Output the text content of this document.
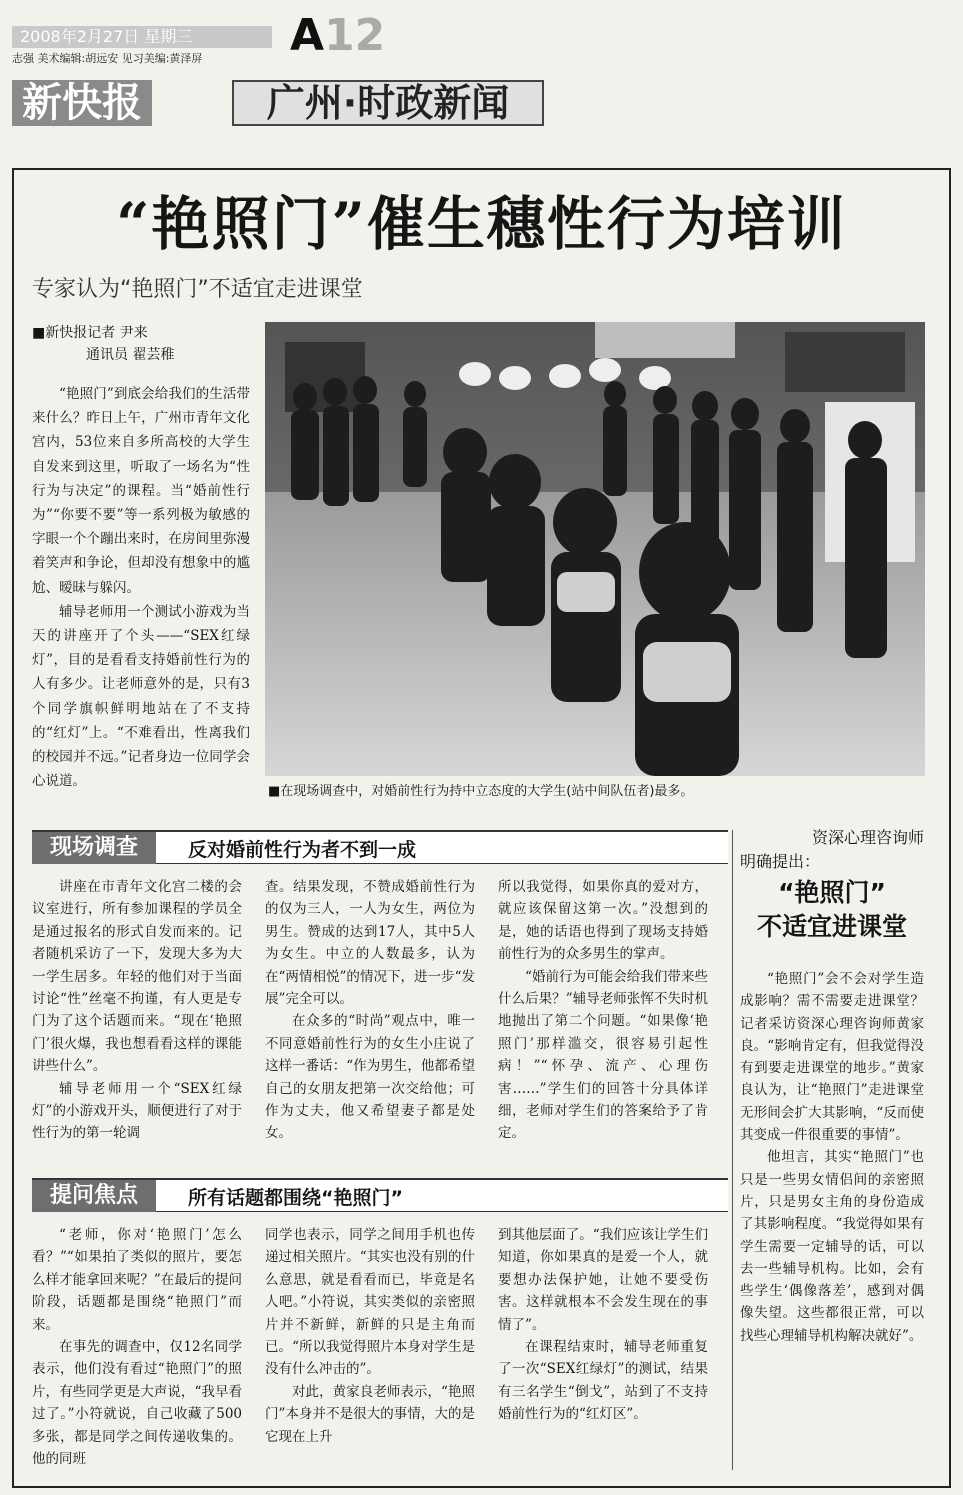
2008年2月27日 星期三
志强 美术编辑:胡远安 见习美编:黄泽屏 A12
新快报	广州·时政新闻
“艳照门”催生穗性行为培训
专家认为“艳照门”不适宜走进课堂
■新快报记者 尹来
通讯员 翟芸稚

“艳照门”到底会给我们的生活带来什么？昨日上午，广州市青年文化宫内，53位来自多所高校的大学生自发来到这里，听取了一场名为“性行为与决定”的课程。当“婚前性行为”“你要不要”等一系列极为敏感的字眼一个个蹦出来时，在房间里弥漫着笑声和争论，但却没有想象中的尴尬、暧昧与躲闪。

辅导老师用一个测试小游戏为当天的讲座开了个头——“SEX红绿灯”，目的是看看支持婚前性行为的人有多少。让老师意外的是，只有3个同学旗帜鲜明地站在了不支持的“红灯”上。“不难看出，性离我们的校园并不远。”记者身边一位同学会心说道。

■在现场调查中，对婚前性行为持中立态度的大学生(站中间队伍者)最多。
现场调查	反对婚前性行为者不到一成

讲座在市青年文化宫二楼的会议室进行，所有参加课程的学员全是通过报名的形式自发而来的。记者随机采访了一下，发现大多为大一学生居多。年轻的他们对于当面讨论“性”丝毫不拘谨，有人更是专门为了这个话题而来。“现在‘艳照门’很火爆，我也想看看这样的课能讲些什么”。

辅导老师用一个“SEX红绿灯”的小游戏开头，顺便进行了对于性行为的第一轮调

查。结果发现，不赞成婚前性行为的仅为三人，一人为女生，两位为男生。赞成的达到17人，其中5人为女生。中立的人数最多，认为在“两情相悦”的情况下，进一步“发展”完全可以。

在众多的“时尚”观点中，唯一不同意婚前性行为的女生小庄说了这样一番话：“作为男生，他都希望自己的女朋友把第一次交给他；可作为丈夫，他又希望妻子都是处女。

所以我觉得，如果你真的爱对方，就应该保留这第一次。”没想到的是，她的话语也得到了现场支持婚前性行为的众多男生的掌声。

“婚前行为可能会给我们带来些什么后果？”辅导老师张恽不失时机地抛出了第二个问题。“如果像‘艳照门’那样滥交，很容易引起性病！”“怀孕、流产、心理伤害……”学生们的回答十分具体详细，老师对学生们的答案给予了肯定。

提问焦点	所有话题都围绕“艳照门”

“老师，你对‘艳照门’怎么看？”“如果拍了类似的照片，要怎么样才能拿回来呢？”在最后的提问阶段，话题都是围绕“艳照门”而来。

在事先的调查中，仅12名同学表示，他们没有看过“艳照门”的照片，有些同学更是大声说，“我早看过了。”小符就说，自己收藏了500多张，都是同学之间传递收集的。他的同班

同学也表示，同学之间用手机也传递过相关照片。“其实也没有别的什么意思，就是看看而已，毕竟是名人吧。”小符说，其实类似的亲密照片并不新鲜，新鲜的只是主角而已。“所以我觉得照片本身对学生是没有什么冲击的”。

对此，黄家良老师表示，“艳照门”本身并不是很大的事情，大的是它现在上升

到其他层面了。“我们应该让学生们知道，你如果真的是爱一个人，就要想办法保护她，让她不要受伤害。这样就根本不会发生现在的事情了”。

在课程结束时，辅导老师重复了一次“SEX红绿灯”的测试，结果有三名学生“倒戈”，站到了不支持婚前性行为的“红灯区”。

资深心理咨询师
明确提出：
“艳照门”
不适宜进课堂

“艳照门”会不会对学生造成影响？需不需要走进课堂？记者采访资深心理咨询师黄家良。“影响肯定有，但我觉得没有到要走进课堂的地步。”黄家良认为，让“艳照门”走进课堂无形间会扩大其影响，“反而使其变成一件很重要的事情”。

他坦言，其实“艳照门”也只是一些男女情侣间的亲密照片，只是男女主角的身份造成了其影响程度。“我觉得如果有学生需要一定辅导的话，可以去一些辅导机构。比如，会有些学生‘偶像落差’，感到对偶像失望。这些都很正常，可以找些心理辅导机构解决就好”。
